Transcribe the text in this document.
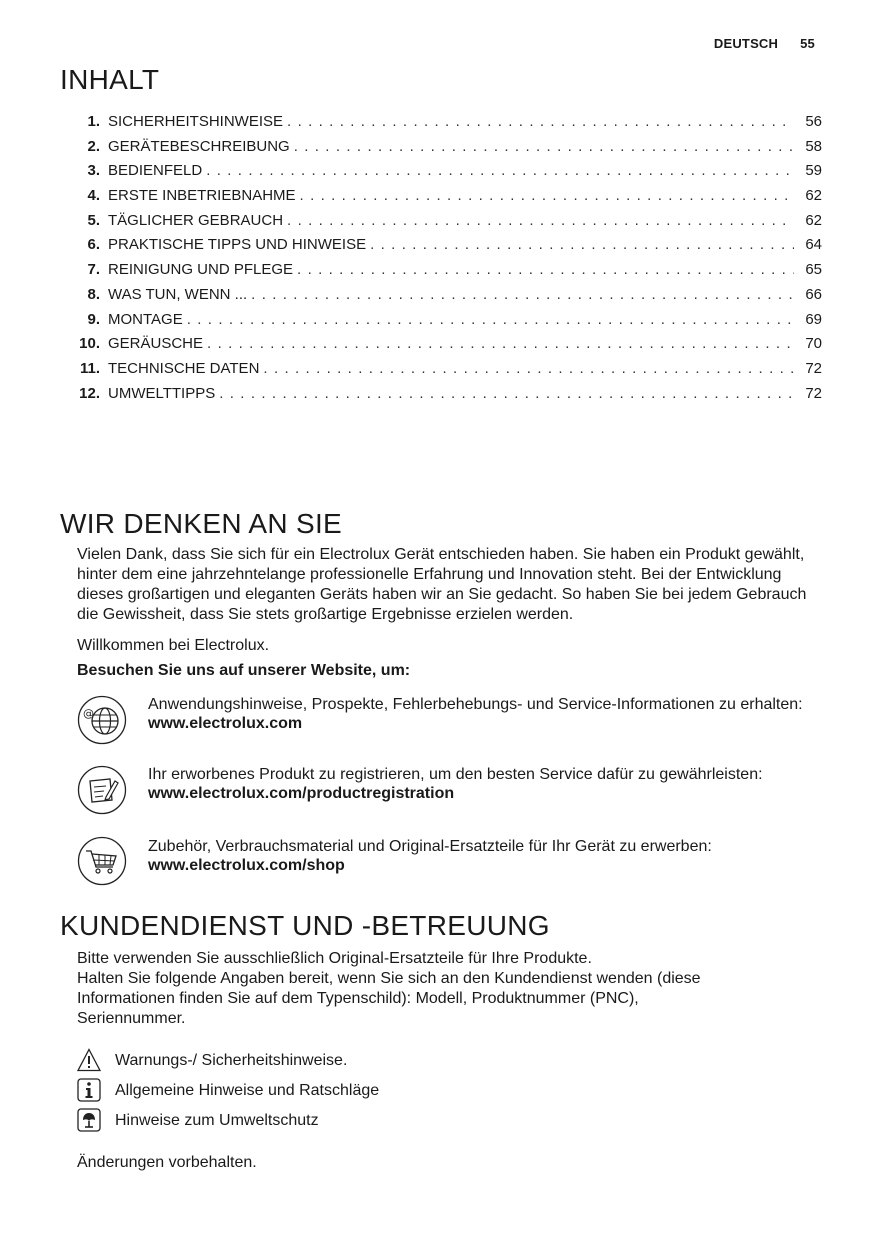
DEUTSCH 55
INHALT
1. SICHERHEITSHINWEISE . . .	56
2. GERÄTEBESCHREIBUNG . . .	58
3. BEDIENFELD . . .	59
4. ERSTE INBETRIEBNAHME . . .	62
5. TÄGLICHER GEBRAUCH . . .	62
6. PRAKTISCHE TIPPS UND HINWEISE . . .	64
7. REINIGUNG UND PFLEGE . . .	65
8. WAS TUN, WENN ... . . .	66
9. MONTAGE . . .	69
10. GERÄUSCHE . . .	70
11. TECHNISCHE DATEN . . .	72
12. UMWELTTIPPS . . .	72
WIR DENKEN AN SIE

Vielen Dank, dass Sie sich für ein Electrolux Gerät entschieden haben. Sie haben ein Produkt gewählt, hinter dem eine jahrzehntelange professionelle Erfahrung und Innovation steht. Bei der Entwicklung dieses großartigen und eleganten Geräts haben wir an Sie gedacht. So haben Sie bei jedem Gebrauch die Gewissheit, dass Sie stets großartige Ergebnisse erzielen werden.

Willkommen bei Electrolux.

Besuchen Sie uns auf unserer Website, um:

@
Anwendungshinweise, Prospekte, Fehlerbehebungs- und Service-Informationen zu erhalten:
www.electrolux.com
Ihr erworbenes Produkt zu registrieren, um den besten Service dafür zu gewährleisten:
www.electrolux.com/productregistration
Zubehör, Verbrauchsmaterial und Original-Ersatzteile für Ihr Gerät zu erwerben:
www.electrolux.com/shop
KUNDENDIENST UND -BETREUUNG

Bitte verwenden Sie ausschließlich Original-Ersatzteile für Ihre Produkte.

Halten Sie folgende Angaben bereit, wenn Sie sich an den Kundendienst wenden (diese Informationen finden Sie auf dem Typenschild): Modell, Produktnummer (PNC), Seriennummer.

Warnungs-/ Sicherheitshinweise.
Allgemeine Hinweise und Ratschläge
Hinweise zum Umweltschutz

Änderungen vorbehalten.
